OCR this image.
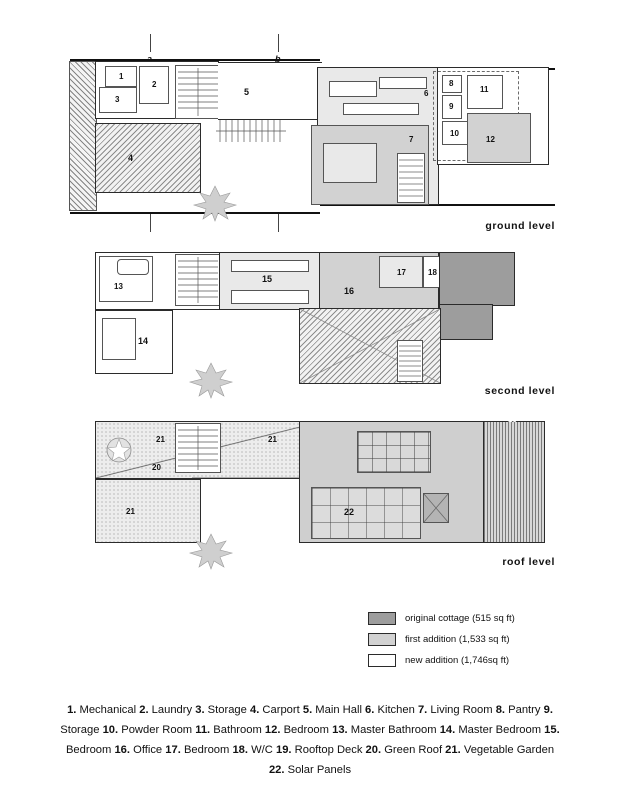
1
2
3
4
5
7
6
8
9
10
11
12
ground level
13
14
15
16
17	18
second level
21	21
20
21	22
19
roof level
original cottage (515 sq ft)
first addition (1,533 sq ft)
new addition (1,746sq ft)
1. Mechanical 2. Laundry 3. Storage 4. Carport 5. Main Hall 6. Kitchen 7. Living Room 8. Pantry 9. Storage 10. Powder Room 11. Bathroom 12. Bedroom 13. Master Bathroom 14. Master Bedroom 15. Bedroom 16. Office 17. Bedroom 18. W/C 19. Rooftop Deck 20. Green Roof 21. Vegetable Garden 22. Solar Panels
